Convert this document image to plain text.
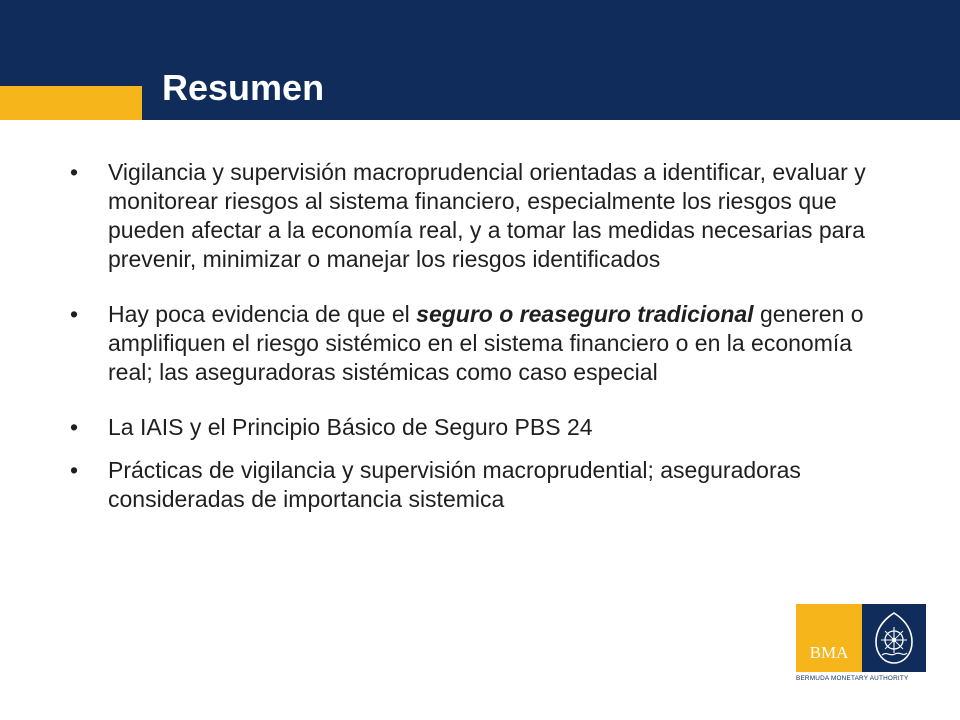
Resumen
•	Vigilancia y supervisión macroprudencial orientadas a identificar, evaluar y monitorear riesgos al sistema financiero, especialmente los riesgos que pueden afectar a la economía real, y a tomar las medidas necesarias para prevenir, minimizar o manejar los riesgos identificados
•	Hay poca evidencia de que el seguro o reaseguro tradicional generen o amplifiquen el riesgo sistémico en el sistema financiero o en la economía real; las aseguradoras sistémicas como caso especial
•	La IAIS y el Principio Básico de Seguro PBS 24
•	Prácticas de vigilancia y supervisión macroprudential; aseguradoras consideradas de importancia sistemica
BMA
BERMUDA MONETARY AUTHORITY
